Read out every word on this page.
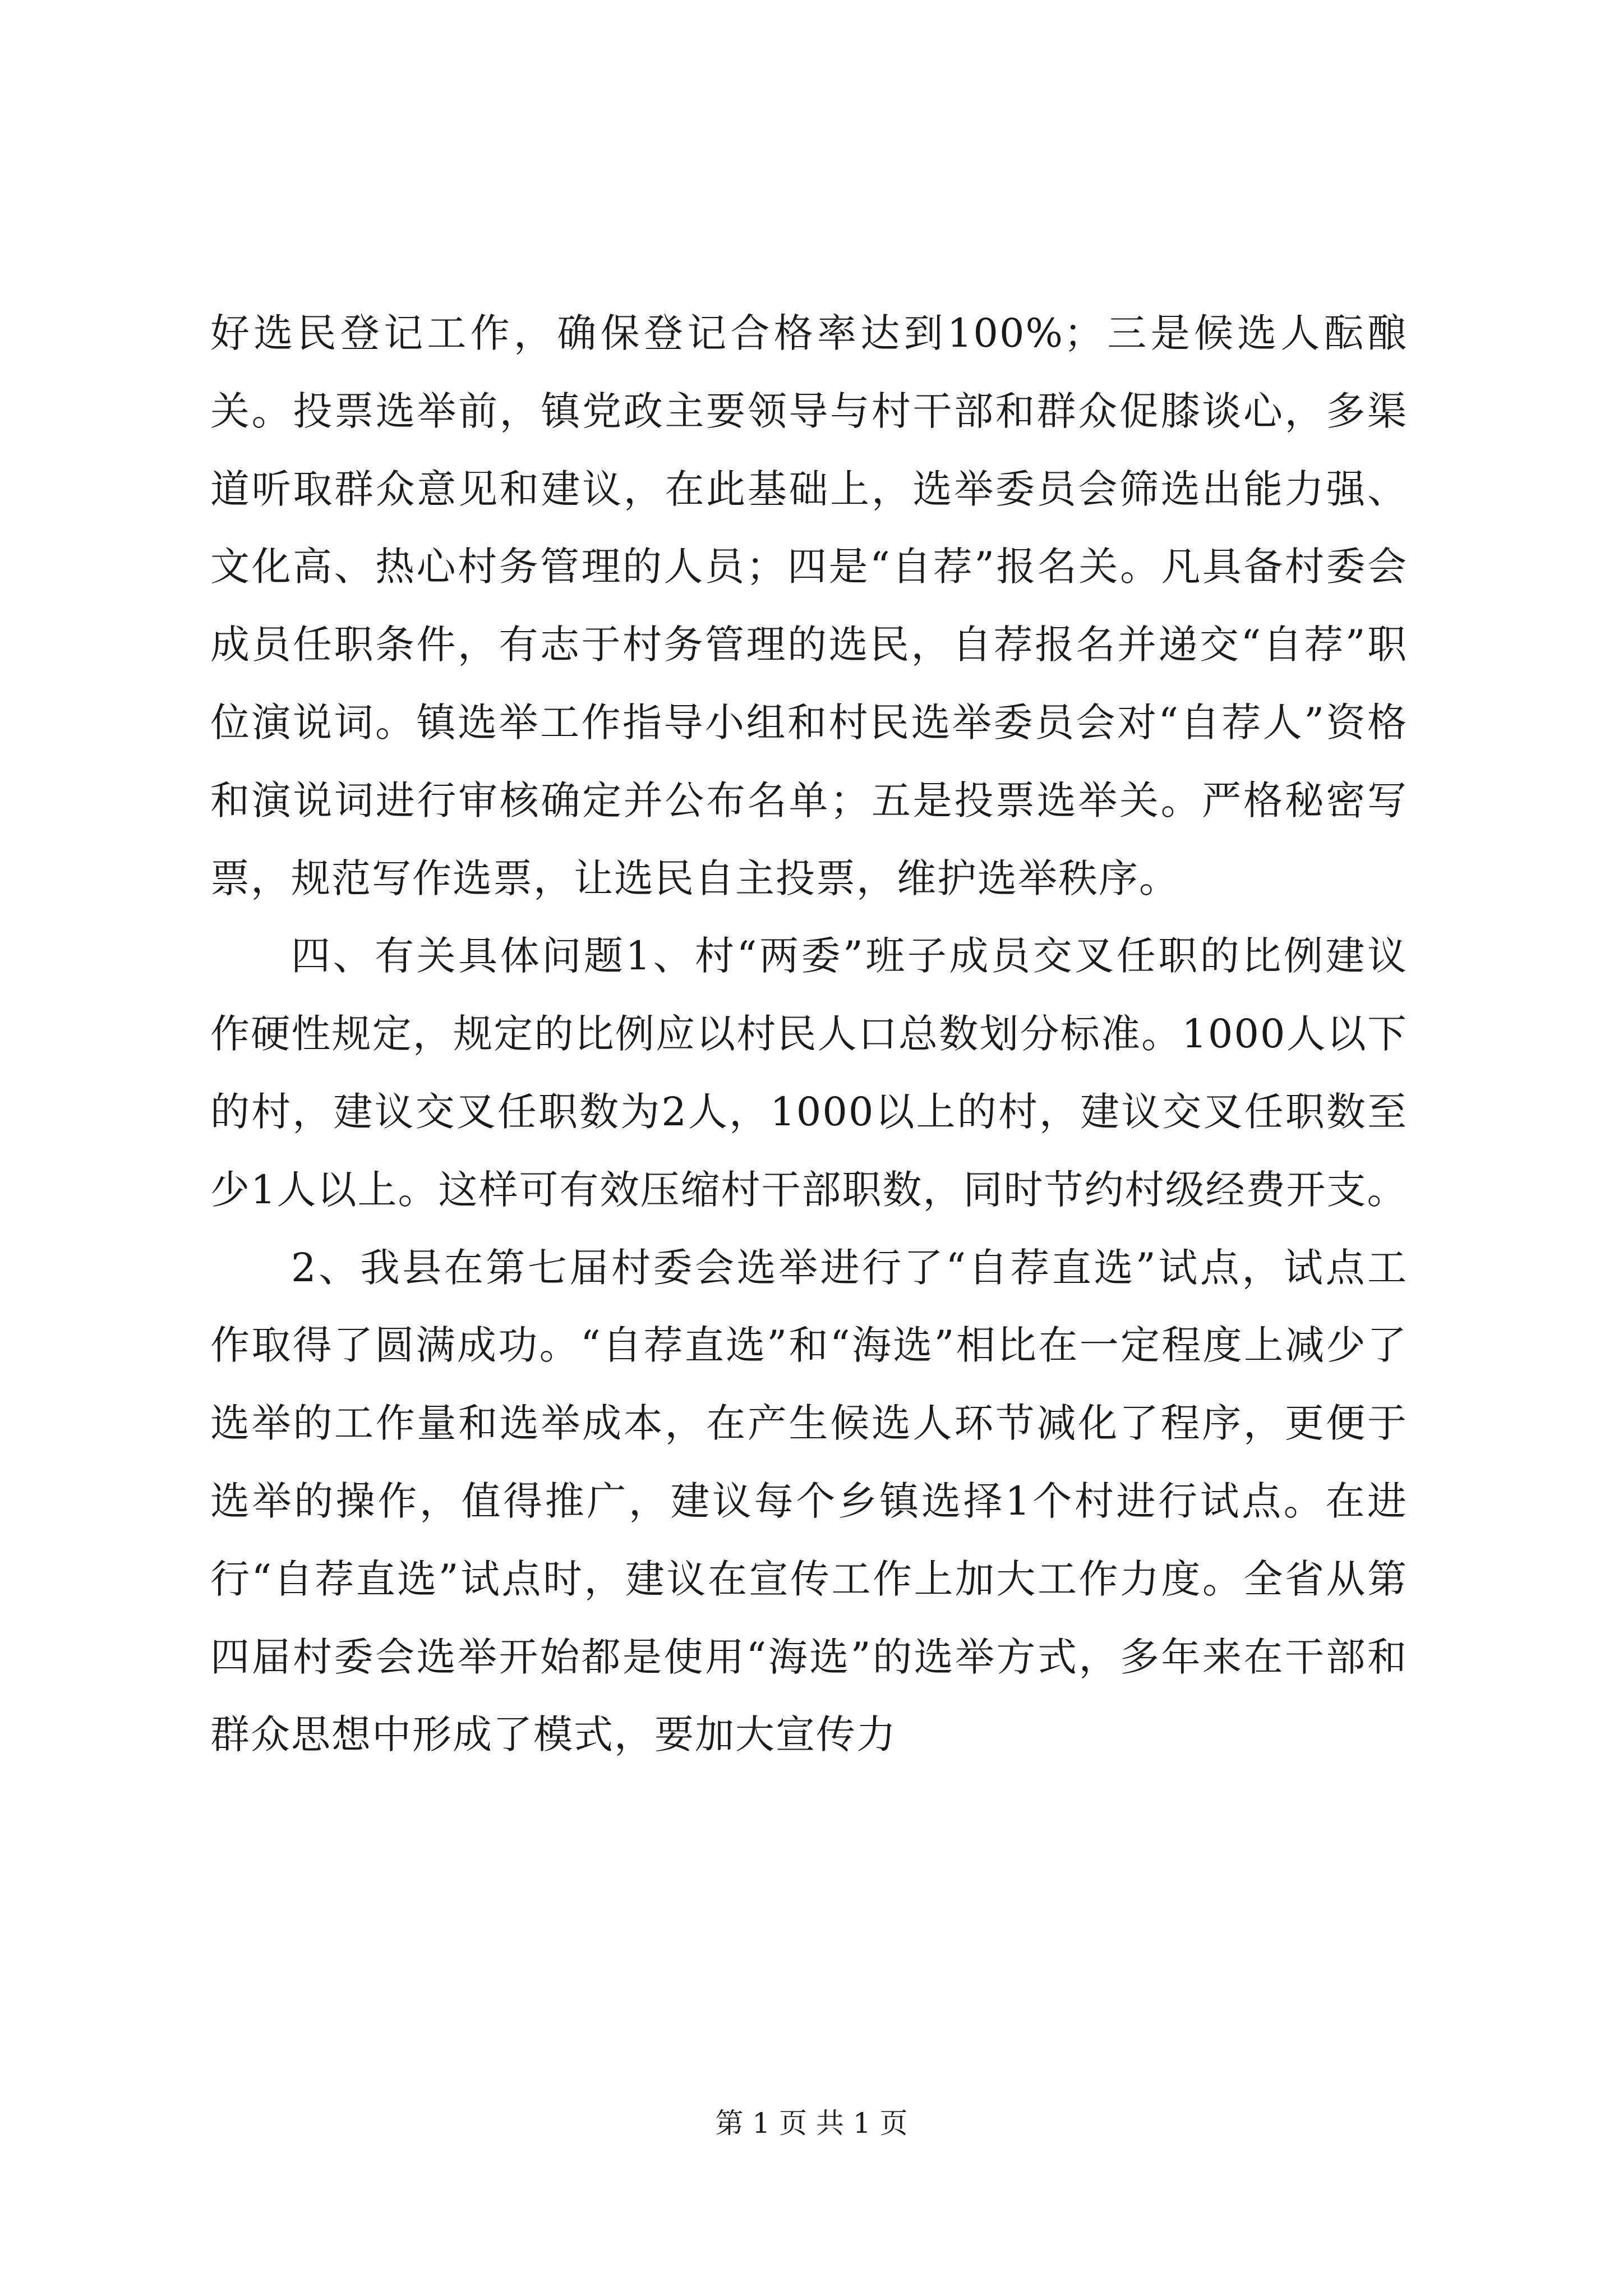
好选民登记工作，确保登记合格率达到100%；三是候选人酝酿关。投票选举前，镇党政主要领导与村干部和群众促膝谈心，多渠道听取群众意见和建议，在此基础上，选举委员会筛选出能力强、文化高、热心村务管理的人员；四是“自荐”报名关。凡具备村委会成员任职条件，有志于村务管理的选民，自荐报名并递交“自荐”职位演说词。镇选举工作指导小组和村民选举委员会对“自荐人”资格和演说词进行审核确定并公布名单；五是投票选举关。严格秘密写票，规范写作选票，让选民自主投票，维护选举秩序。

四、有关具体问题1、村“两委”班子成员交叉任职的比例建议作硬性规定，规定的比例应以村民人口总数划分标准。1000人以下的村，建议交叉任职数为2人，1000以上的村，建议交叉任职数至少1人以上。这样可有效压缩村干部职数，同时节约村级经费开支。

2、我县在第七届村委会选举进行了“自荐直选”试点，试点工作取得了圆满成功。“自荐直选”和“海选”相比在一定程度上减少了选举的工作量和选举成本，在产生候选人环节减化了程序，更便于选举的操作，值得推广，建议每个乡镇选择1个村进行试点。在进行“自荐直选”试点时，建议在宣传工作上加大工作力度。全省从第四届村委会选举开始都是使用“海选”的选举方式，多年来在干部和群众思想中形成了模式，要加大宣传力

第 1 页 共 1 页
